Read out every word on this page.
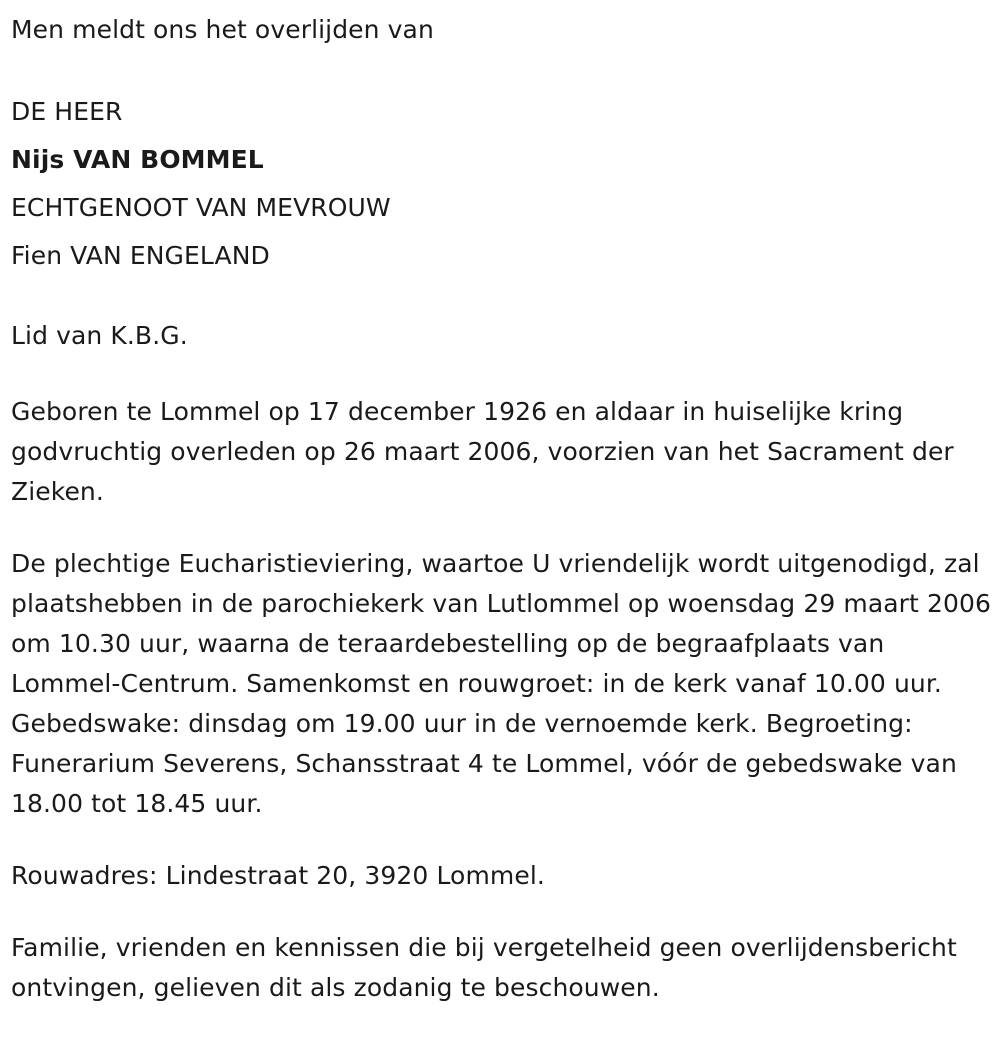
Men meldt ons het overlijden van

DE HEER

Nijs VAN BOMMEL

ECHTGENOOT VAN MEVROUW

Fien VAN ENGELAND

Lid van K.B.G.

Geboren te Lommel op 17 december 1926 en aldaar in huiselijke kring godvruchtig overleden op 26 maart 2006, voorzien van het Sacrament der Zieken.

De plechtige Eucharistieviering, waartoe U vriendelijk wordt uitgenodigd, zal plaatshebben in de parochiekerk van Lutlommel op woensdag 29 maart 2006 om 10.30 uur, waarna de teraardebestelling op de begraafplaats van Lommel-Centrum. Samenkomst en rouwgroet: in de kerk vanaf 10.00 uur. Gebedswake: dinsdag om 19.00 uur in de vernoemde kerk. Begroeting: Funerarium Severens, Schansstraat 4 te Lommel, vóór de gebedswake van 18.00 tot 18.45 uur.

Rouwadres: Lindestraat 20, 3920 Lommel.

Familie, vrienden en kennissen die bij vergetelheid geen overlijdensbericht ontvingen, gelieven dit als zodanig te beschouwen.
